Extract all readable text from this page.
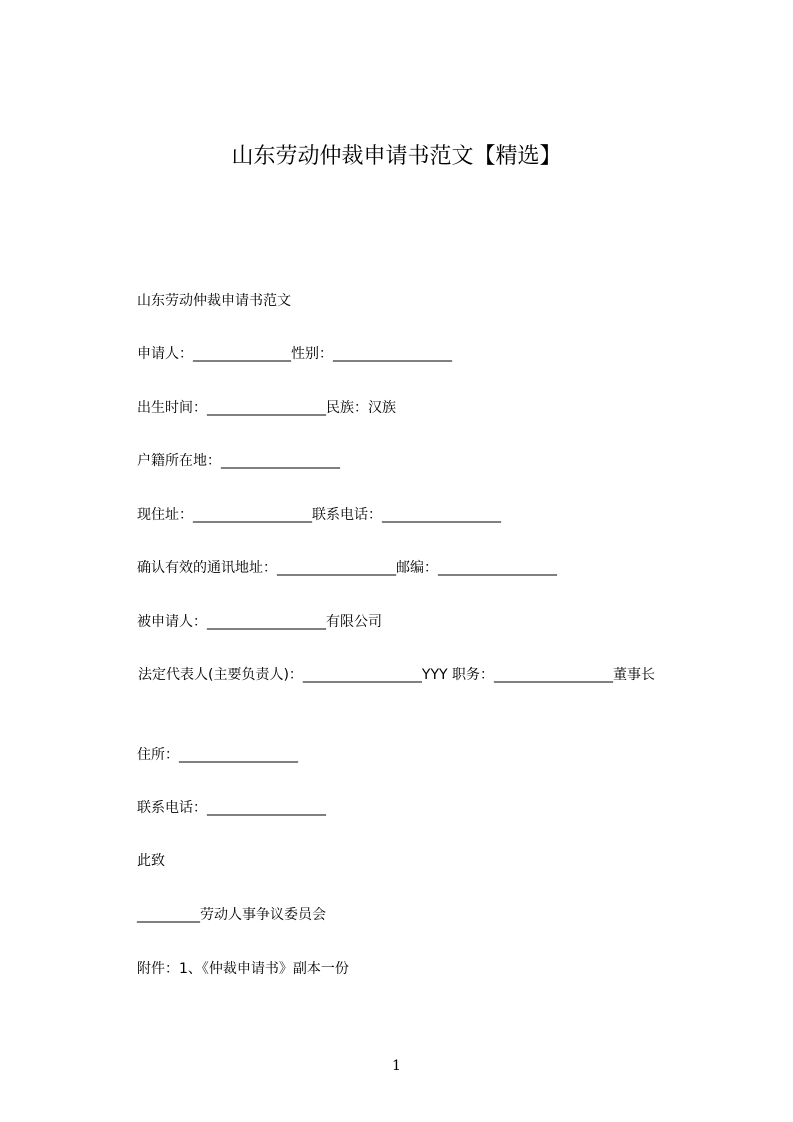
山东劳动仲裁申请书范文【精选】
山东劳动仲裁申请书范文
申请人：______________性别：_________________
出生时间：_________________民族：汉族
户籍所在地：_________________
现住址：_________________联系电话：_________________
确认有效的通讯地址：_________________邮编：_________________
被申请人：_________________有限公司
法定代表人(主要负责人)：_________________YYY 职务：_________________董事长
住所：_________________
联系电话：_________________
此致
_________劳动人事争议委员会
附件：1、《仲裁申请书》副本一份
1
